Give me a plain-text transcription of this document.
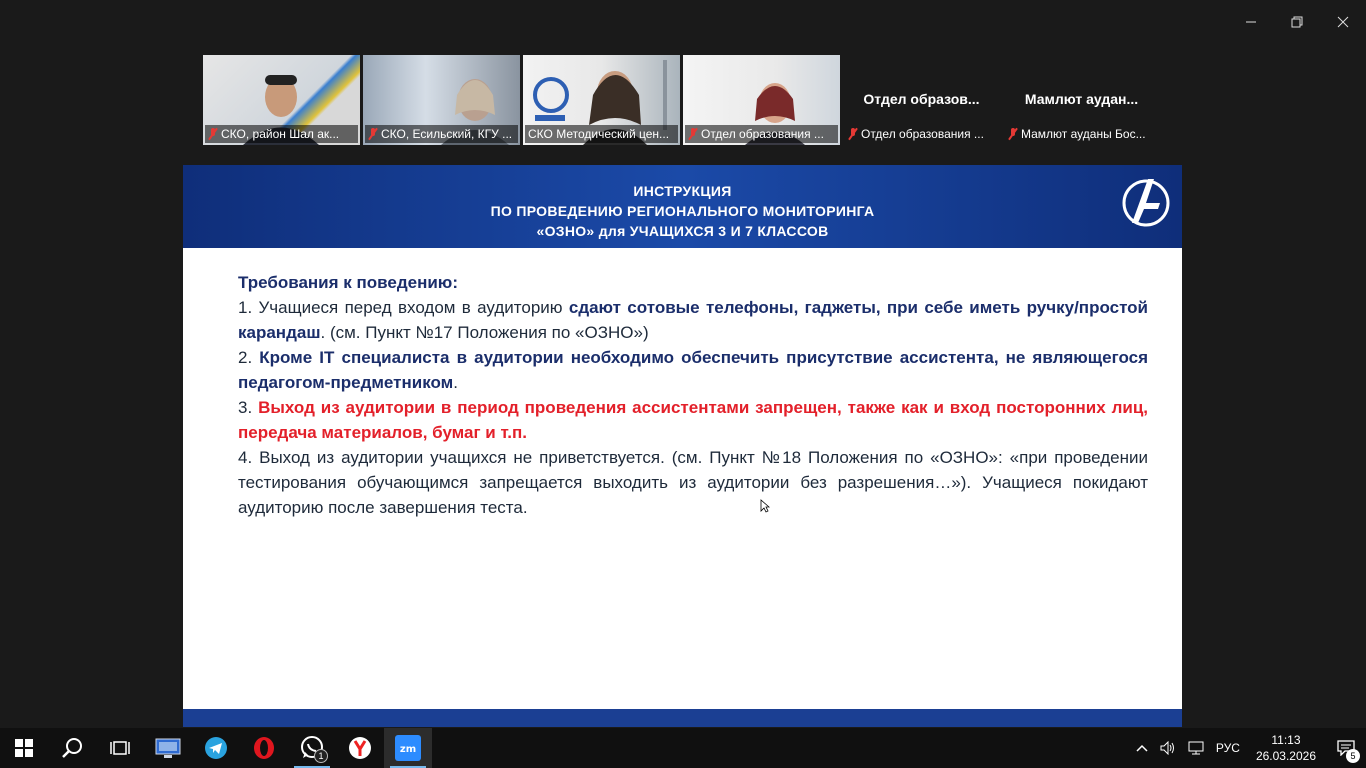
СКО, район Шал ак...	СКО, Есильский, КГУ ... СКО Методический цен...	Отдел образования ...
Отдел образов...
Отдел образования ...
Мамлют аудан...
Мамлют ауданы Бос...
ИНСТРУКЦИЯ
ПО ПРОВЕДЕНИЮ РЕГИОНАЛЬНОГО МОНИТОРИНГА
«ОЗНО» для УЧАЩИХСЯ 3 И 7 КЛАССОВ
Требования к поведению:
1. Учащиеся перед входом в аудиторию сдают сотовые телефоны, гаджеты, при себе иметь ручку/простой карандаш. (см. Пункт №17 Положения по «ОЗНО»)
2. Кроме IT специалиста в аудитории необходимо обеспечить присутствие ассистента, не являющегося педагогом-предметником.
3. Выход из аудитории в период проведения ассистентами запрещен, также как и вход посторонних лиц, передача материалов, бумаг и т.п.
4. Выход из аудитории учащихся не приветствуется. (см. Пункт №18 Положения по «ОЗНО»: «при проведении тестирования обучающимся запрещается выходить из аудитории без разрешения…»). Учащиеся покидают аудиторию после завершения теста.
1
zm	РУС
11:13
26.03.2026	5
